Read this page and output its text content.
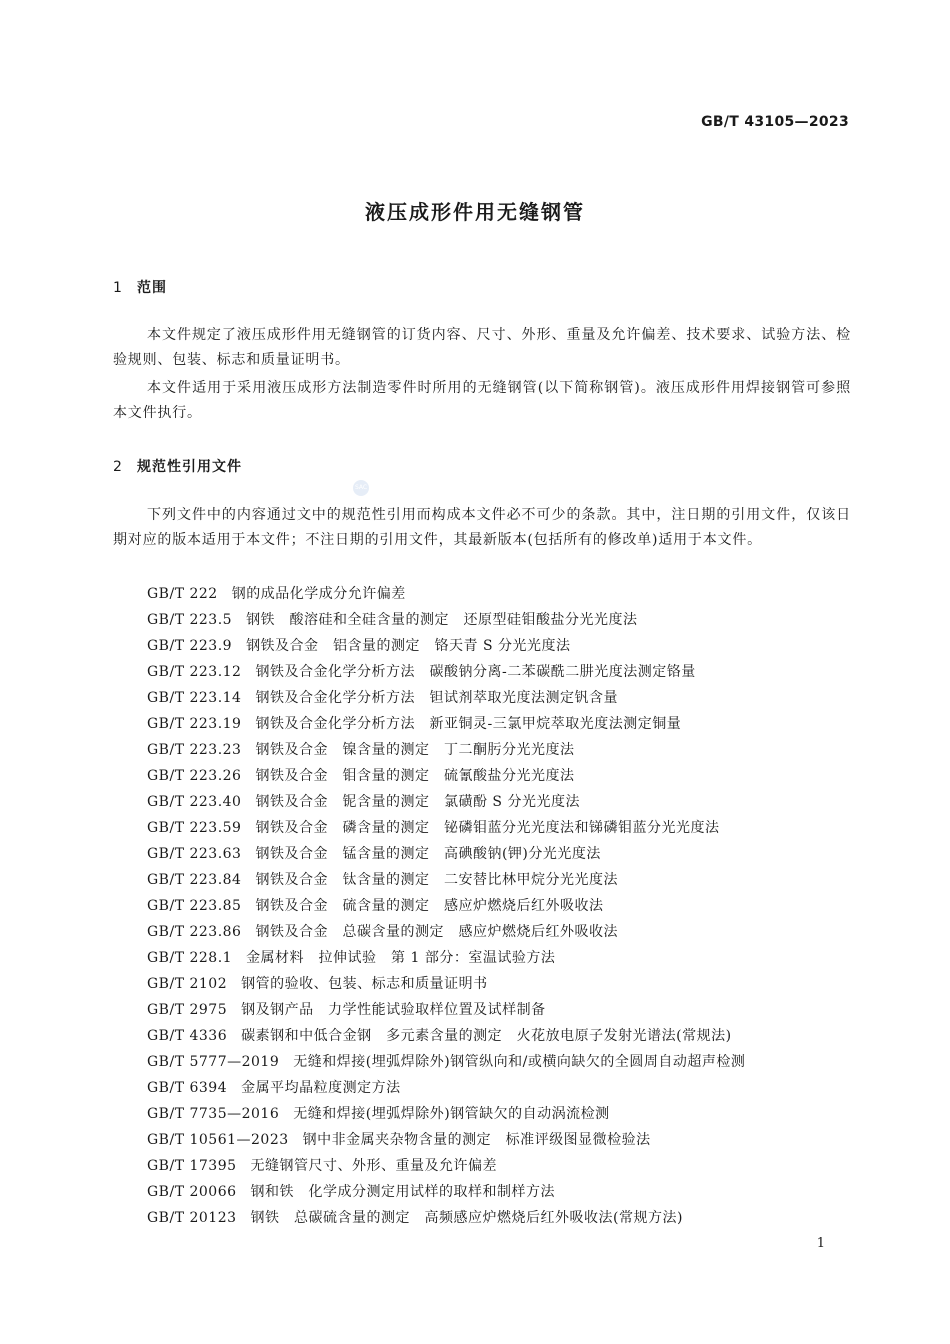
GB/T 43105—2023
液压成形件用无缝钢管
1 范围
本文件规定了液压成形件用无缝钢管的订货内容、尺寸、外形、重量及允许偏差、技术要求、试验方法、检验规则、包装、标志和质量证明书。
本文件适用于采用液压成形方法制造零件时所用的无缝钢管(以下简称钢管)。液压成形件用焊接钢管可参照本文件执行。
2 规范性引用文件
SAC
下列文件中的内容通过文中的规范性引用而构成本文件必不可少的条款。其中，注日期的引用文件，仅该日期对应的版本适用于本文件；不注日期的引用文件，其最新版本(包括所有的修改单)适用于本文件。
GB/T 222 钢的成品化学成分允许偏差
GB/T 223.5 钢铁　酸溶硅和全硅含量的测定　还原型硅钼酸盐分光光度法
GB/T 223.9 钢铁及合金　铝含量的测定　铬天青 S 分光光度法
GB/T 223.12 钢铁及合金化学分析方法　碳酸钠分离-二苯碳酰二肼光度法测定铬量
GB/T 223.14 钢铁及合金化学分析方法　钽试剂萃取光度法测定钒含量
GB/T 223.19 钢铁及合金化学分析方法　新亚铜灵-三氯甲烷萃取光度法测定铜量
GB/T 223.23 钢铁及合金　镍含量的测定　丁二酮肟分光光度法
GB/T 223.26 钢铁及合金　钼含量的测定　硫氰酸盐分光光度法
GB/T 223.40 钢铁及合金　铌含量的测定　氯磺酚 S 分光光度法
GB/T 223.59 钢铁及合金　磷含量的测定　铋磷钼蓝分光光度法和锑磷钼蓝分光光度法
GB/T 223.63 钢铁及合金　锰含量的测定　高碘酸钠(钾)分光光度法
GB/T 223.84 钢铁及合金　钛含量的测定　二安替比林甲烷分光光度法
GB/T 223.85 钢铁及合金　硫含量的测定　感应炉燃烧后红外吸收法
GB/T 223.86 钢铁及合金　总碳含量的测定　感应炉燃烧后红外吸收法
GB/T 228.1 金属材料　拉伸试验　第 1 部分：室温试验方法
GB/T 2102 钢管的验收、包装、标志和质量证明书
GB/T 2975 钢及钢产品　力学性能试验取样位置及试样制备
GB/T 4336 碳素钢和中低合金钢　多元素含量的测定　火花放电原子发射光谱法(常规法)
GB/T 5777—2019 无缝和焊接(埋弧焊除外)钢管纵向和/或横向缺欠的全圆周自动超声检测
GB/T 6394 金属平均晶粒度测定方法
GB/T 7735—2016 无缝和焊接(埋弧焊除外)钢管缺欠的自动涡流检测
GB/T 10561—2023 钢中非金属夹杂物含量的测定　标准评级图显微检验法
GB/T 17395 无缝钢管尺寸、外形、重量及允许偏差
GB/T 20066 钢和铁　化学成分测定用试样的取样和制样方法
GB/T 20123 钢铁　总碳硫含量的测定　高频感应炉燃烧后红外吸收法(常规方法)
1
